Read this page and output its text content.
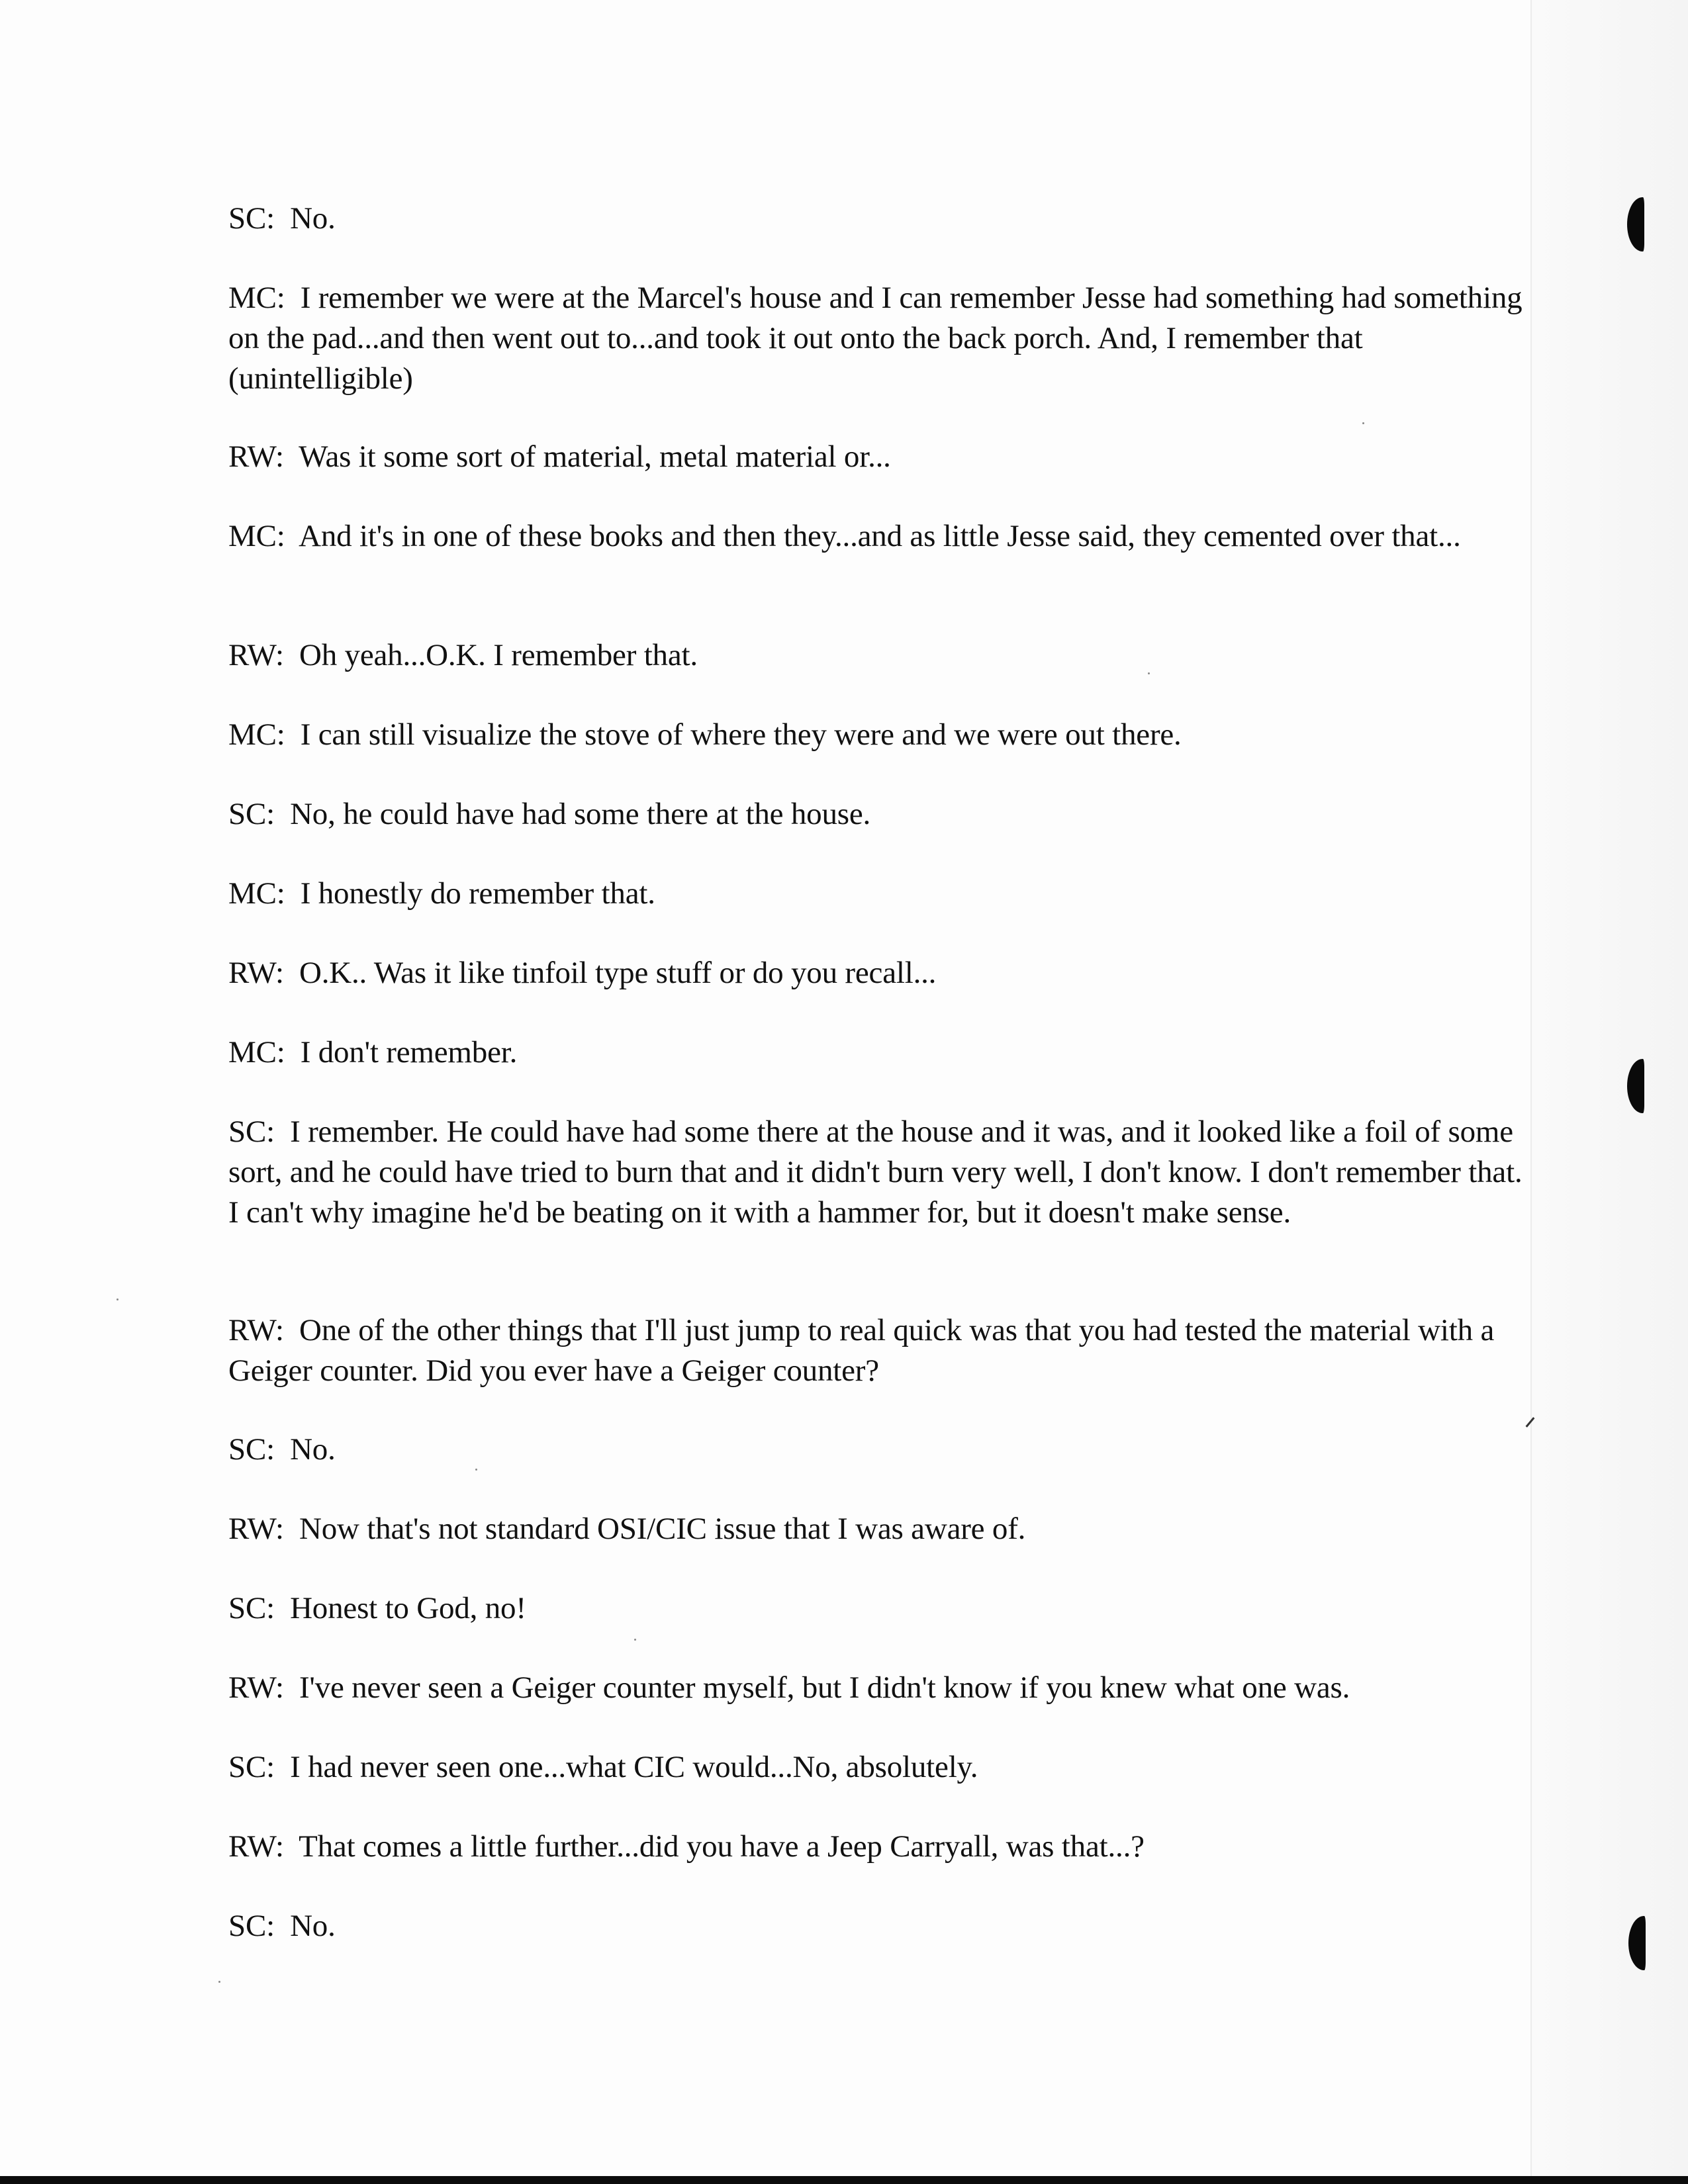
SC: No.

MC: I remember we were at the Marcel's house and I can remember Jesse had something had something on the pad...and then went out to...and took it out onto the back porch. And, I remember that (unintelligible)

RW: Was it some sort of material, metal material or...

MC: And it's in one of these books and then they...and as little Jesse said, they cemented over that...

RW: Oh yeah...O.K. I remember that.

MC: I can still visualize the stove of where they were and we were out there.

SC: No, he could have had some there at the house.

MC: I honestly do remember that.

RW: O.K.. Was it like tinfoil type stuff or do you recall...

MC: I don't remember.

SC: I remember. He could have had some there at the house and it was, and it looked like a foil of some sort, and he could have tried to burn that and it didn't burn very well, I don't know. I don't remember that. I can't why imagine he'd be beating on it with a hammer for, but it doesn't make sense.

RW: One of the other things that I'll just jump to real quick was that you had tested the material with a Geiger counter. Did you ever have a Geiger counter?

SC: No.

RW: Now that's not standard OSI/CIC issue that I was aware of.

SC: Honest to God, no!

RW: I've never seen a Geiger counter myself, but I didn't know if you knew what one was.

SC: I had never seen one...what CIC would...No, absolutely.

RW: That comes a little further...did you have a Jeep Carryall, was that...?

SC: No.
